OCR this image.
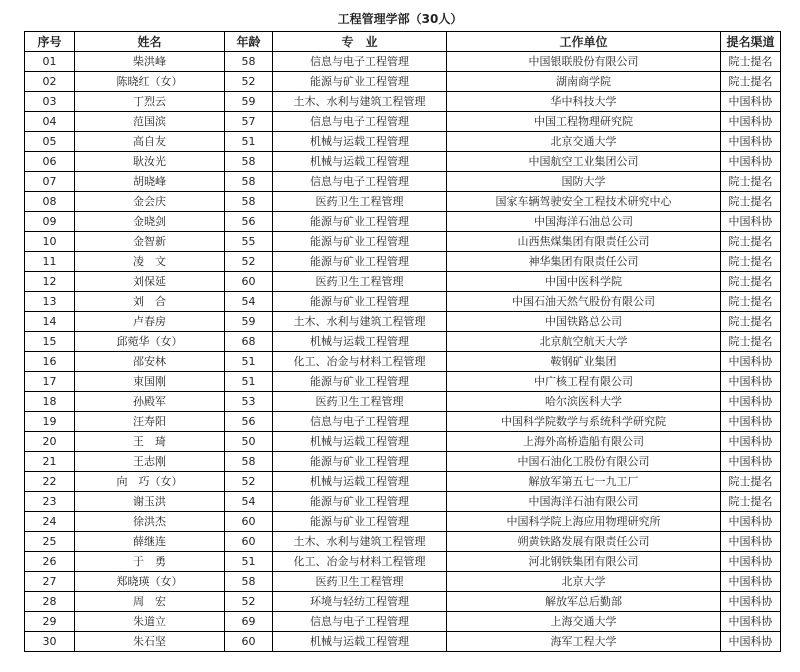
工程管理学部（30人）
序号	姓名	年龄	专　业	工作单位	提名渠道
01	柴洪峰	58	信息与电子工程管理	中国银联股份有限公司	院士提名
02	陈晓红（女）	52	能源与矿业工程管理	湖南商学院	院士提名
03	丁烈云	59	土木、水利与建筑工程管理	华中科技大学	中国科协
04	范国滨	57	信息与电子工程管理	中国工程物理研究院	中国科协
05	高自友	51	机械与运载工程管理	北京交通大学	中国科协
06	耿汝光	58	机械与运载工程管理	中国航空工业集团公司	中国科协
07	胡晓峰	58	信息与电子工程管理	国防大学	院士提名
08	金会庆	58	医药卫生工程管理	国家车辆驾驶安全工程技术研究中心	院士提名
09	金晓剑	56	能源与矿业工程管理	中国海洋石油总公司	中国科协
10	金智新	55	能源与矿业工程管理	山西焦煤集团有限责任公司	院士提名
11	凌　文	52	能源与矿业工程管理	神华集团有限责任公司	院士提名
12	刘保延	60	医药卫生工程管理	中国中医科学院	院士提名
13	刘　合	54	能源与矿业工程管理	中国石油天然气股份有限公司	院士提名
14	卢春房	59	土木、水利与建筑工程管理	中国铁路总公司	院士提名
15	邱菀华（女）	68	机械与运载工程管理	北京航空航天大学	院士提名
16	邵安林	51	化工、冶金与材料工程管理	鞍钢矿业集团	中国科协
17	束国刚	51	能源与矿业工程管理	中广核工程有限公司	中国科协
18	孙殿军	53	医药卫生工程管理	哈尔滨医科大学	中国科协
19	汪寿阳	56	信息与电子工程管理	中国科学院数学与系统科学研究院	中国科协
20	王　琦	50	机械与运载工程管理	上海外高桥造船有限公司	中国科协
21	王志刚	58	能源与矿业工程管理	中国石油化工股份有限公司	中国科协
22	向　巧（女）	52	机械与运载工程管理	解放军第五七一九工厂	院士提名
23	谢玉洪	54	能源与矿业工程管理	中国海洋石油有限公司	院士提名
24	徐洪杰	60	能源与矿业工程管理	中国科学院上海应用物理研究所	中国科协
25	薛继连	60	土木、水利与建筑工程管理	朔黄铁路发展有限责任公司	中国科协
26	于　勇	51	化工、冶金与材料工程管理	河北钢铁集团有限公司	中国科协
27	郑晓瑛（女）	58	医药卫生工程管理	北京大学	中国科协
28	周　宏	52	环境与轻纺工程管理	解放军总后勤部	中国科协
29	朱道立	69	信息与电子工程管理	上海交通大学	中国科协
30	朱石坚	60	机械与运载工程管理	海军工程大学	中国科协
